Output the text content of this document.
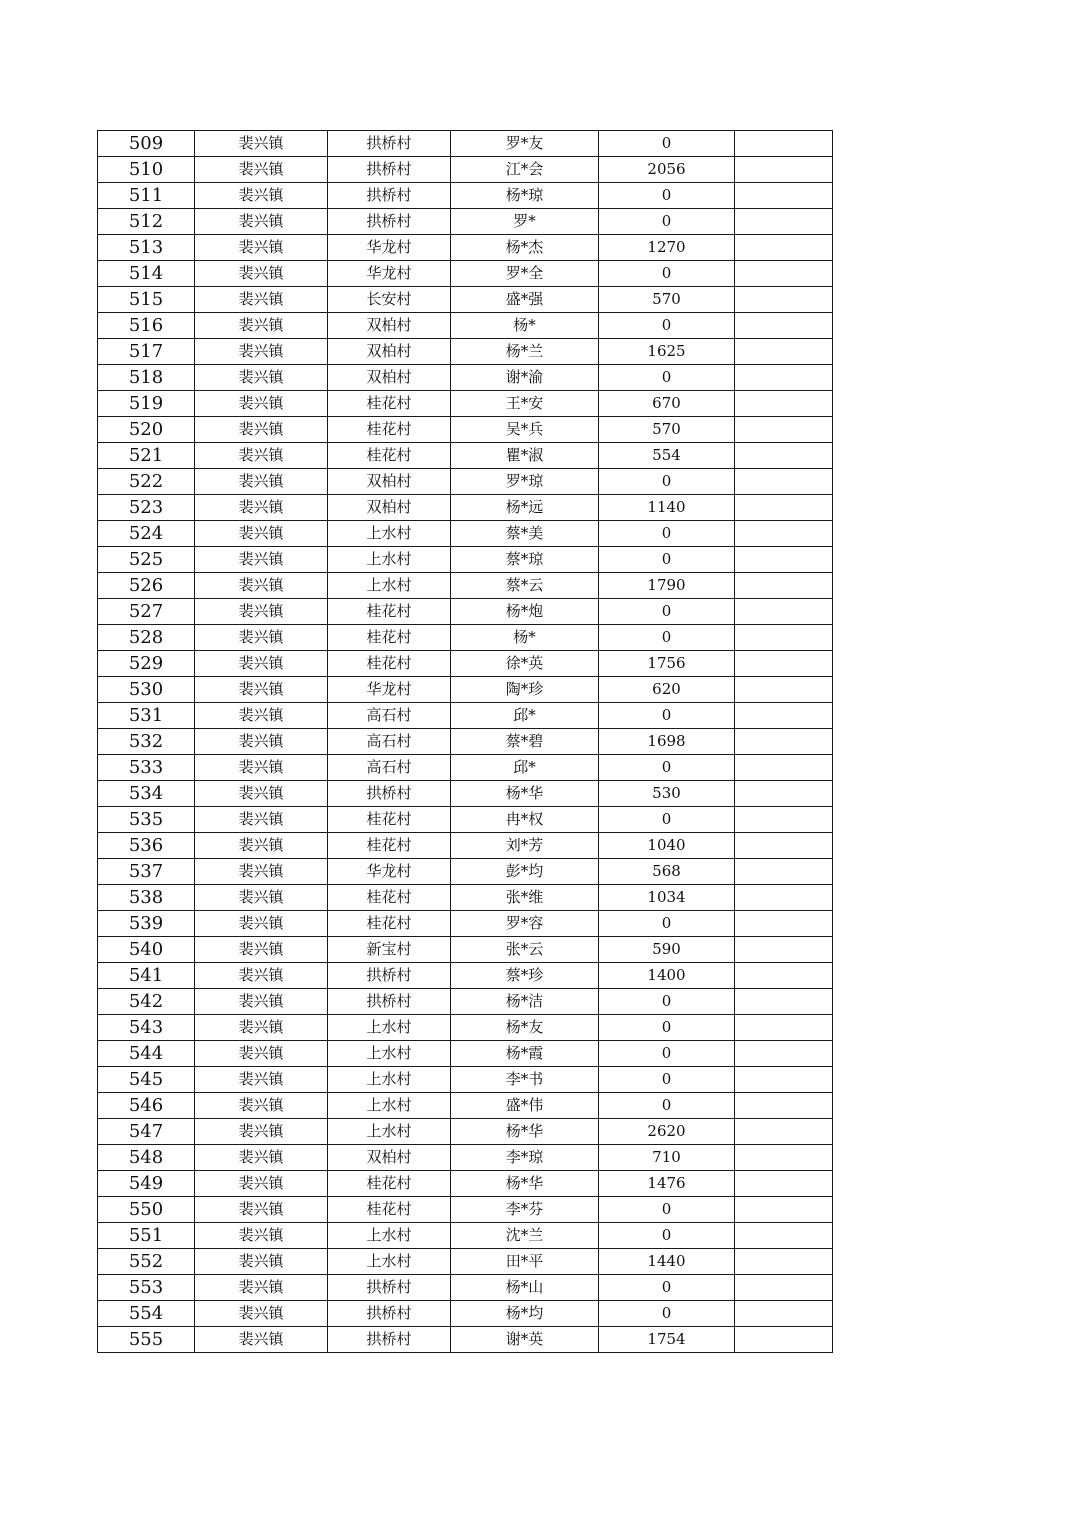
509	裴兴镇	拱桥村	罗*友	0	
510	裴兴镇	拱桥村	江*会	2056	
511	裴兴镇	拱桥村	杨*琼	0	
512	裴兴镇	拱桥村	罗*	0	
513	裴兴镇	华龙村	杨*杰	1270	
514	裴兴镇	华龙村	罗*全	0	
515	裴兴镇	长安村	盛*强	570	
516	裴兴镇	双柏村	杨*	0	
517	裴兴镇	双柏村	杨*兰	1625	
518	裴兴镇	双柏村	谢*渝	0	
519	裴兴镇	桂花村	王*安	670	
520	裴兴镇	桂花村	吴*兵	570	
521	裴兴镇	桂花村	瞿*淑	554	
522	裴兴镇	双柏村	罗*琼	0	
523	裴兴镇	双柏村	杨*远	1140	
524	裴兴镇	上水村	蔡*美	0	
525	裴兴镇	上水村	蔡*琼	0	
526	裴兴镇	上水村	蔡*云	1790	
527	裴兴镇	桂花村	杨*炮	0	
528	裴兴镇	桂花村	杨*	0	
529	裴兴镇	桂花村	徐*英	1756	
530	裴兴镇	华龙村	陶*珍	620	
531	裴兴镇	高石村	邱*	0	
532	裴兴镇	高石村	蔡*碧	1698	
533	裴兴镇	高石村	邱*	0	
534	裴兴镇	拱桥村	杨*华	530	
535	裴兴镇	桂花村	冉*权	0	
536	裴兴镇	桂花村	刘*芳	1040	
537	裴兴镇	华龙村	彭*均	568	
538	裴兴镇	桂花村	张*维	1034	
539	裴兴镇	桂花村	罗*容	0	
540	裴兴镇	新宝村	张*云	590	
541	裴兴镇	拱桥村	蔡*珍	1400	
542	裴兴镇	拱桥村	杨*洁	0	
543	裴兴镇	上水村	杨*友	0	
544	裴兴镇	上水村	杨*霞	0	
545	裴兴镇	上水村	李*书	0	
546	裴兴镇	上水村	盛*伟	0	
547	裴兴镇	上水村	杨*华	2620	
548	裴兴镇	双柏村	李*琼	710	
549	裴兴镇	桂花村	杨*华	1476	
550	裴兴镇	桂花村	李*芬	0	
551	裴兴镇	上水村	沈*兰	0	
552	裴兴镇	上水村	田*平	1440	
553	裴兴镇	拱桥村	杨*山	0	
554	裴兴镇	拱桥村	杨*均	0	
555	裴兴镇	拱桥村	谢*英	1754	
